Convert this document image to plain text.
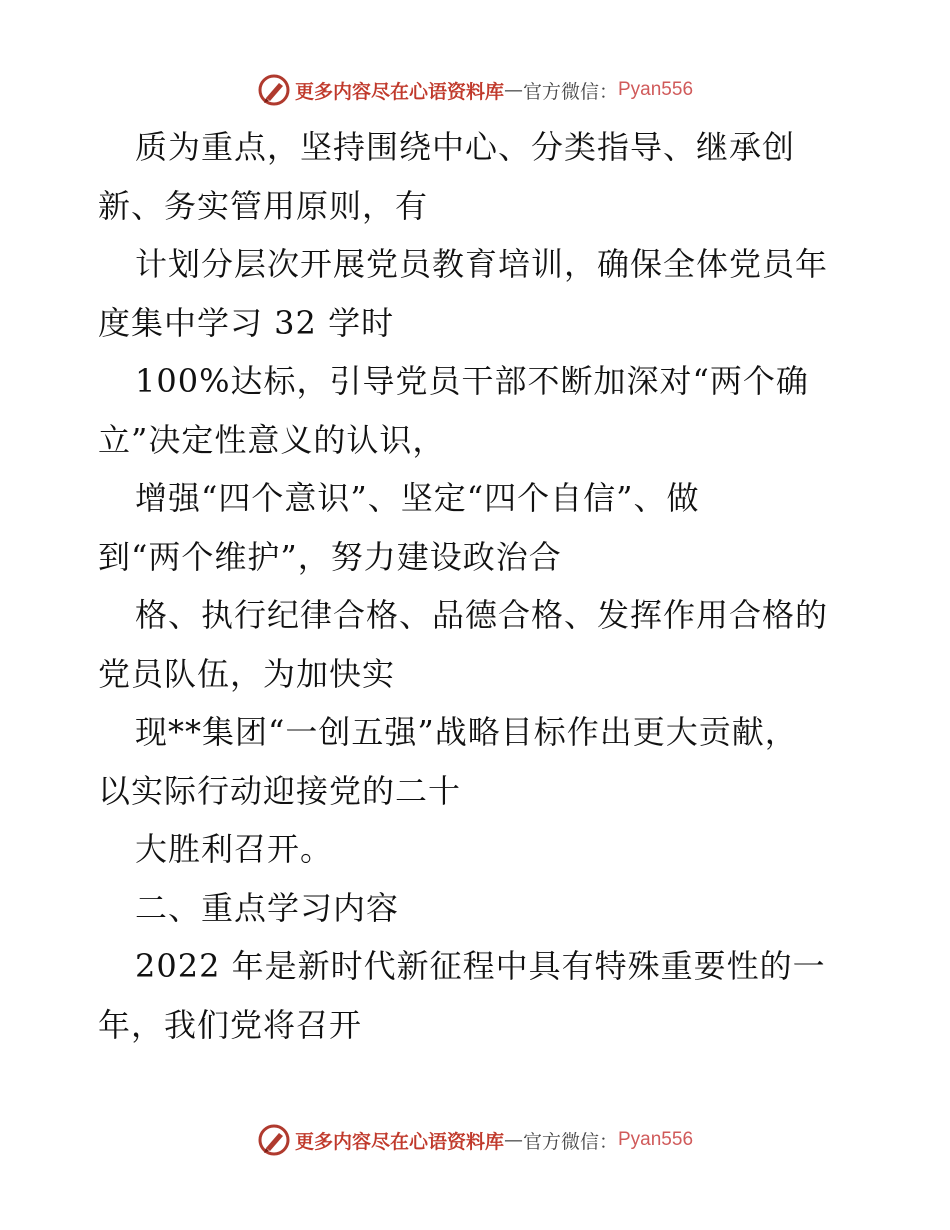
更多内容尽在心语资料库 — 官方微信： Pyan556
质为重点，坚持围绕中心、分类指导、继承创
新、务实管用原则，有
计划分层次开展党员教育培训，确保全体党员年
度集中学习 32 学时
100%达标，引导党员干部不断加深对“两个确
立”决定性意义的认识，
增强“四个意识”、坚定“四个自信”、做
到“两个维护”，努力建设政治合
格、执行纪律合格、品德合格、发挥作用合格的
党员队伍，为加快实
现**集团“一创五强”战略目标作出更大贡献，
以实际行动迎接党的二十
大胜利召开。
二、重点学习内容
2022 年是新时代新征程中具有特殊重要性的一
年，我们党将召开
更多内容尽在心语资料库 — 官方微信： Pyan556
